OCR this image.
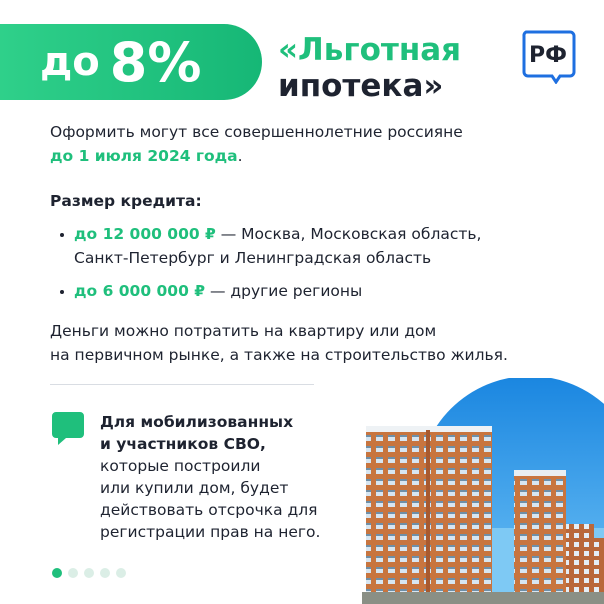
до 8% «Льготная
ипотека»
РФ
Оформить могут все совершеннолетние россияне
до 1 июля 2024 года.
Размер кредита:
до 12 000 000 ₽ — Москва, Московская область,
Санкт-Петербург и Ленинградская область
до 6 000 000 ₽ — другие регионы
Деньги можно потратить на квартиру или дом
на первичном рынке, а также на строительство жилья.
Для мобилизованных
и участников СВО,
которые построили
или купили дом, будет
действовать отсрочка для
регистрации прав на него.
